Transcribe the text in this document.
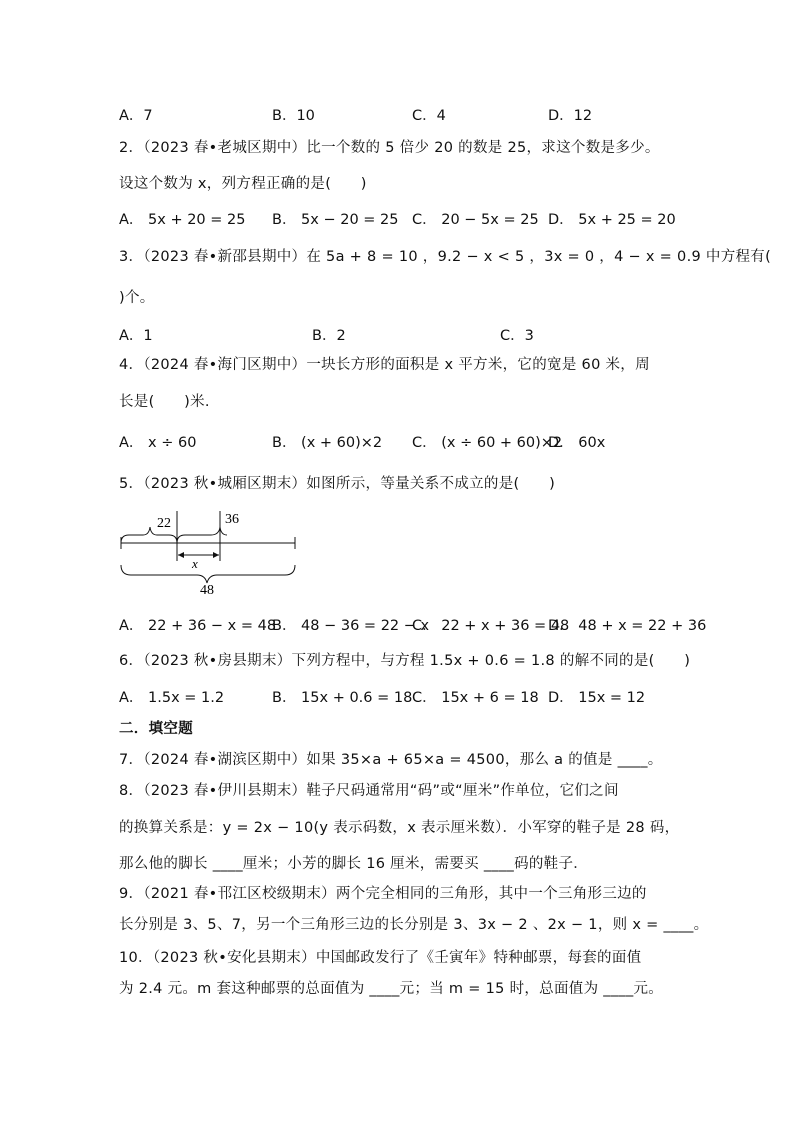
A．7	B．10	C．4	D．12
2．（2023 春•老城区期中）比一个数的 5 倍少 20 的数是 25，求这个数是多少。
设这个数为 x，列方程正确的是(　　)
A． 5x + 20 = 25 B． 5x − 20 = 25 C． 20 − 5x = 25 D． 5x + 25 = 20
3．（2023 春•新邵县期中）在 5a + 8 = 10 ，9.2 − x < 5 ，3x = 0 ，4 − x = 0.9 中方程有(
)个。
A．1	B．2	C．3
4．（2024 春•海门区期中）一块长方形的面积是 x 平方米，它的宽是 60 米，周
长是(　　)米.
A． x ÷ 60	B． (x + 60)×2 C． (x ÷ 60 + 60)×2
D． 60x
5．（2023 秋•城厢区期末）如图所示，等量关系不成立的是(　　)
22	36
x
48
A． 22 + 36 − x = 48
B． 48 − 36 = 22 − x
C． 22 + x + 36 = 48
D． 48 + x = 22 + 36
6．（2023 秋•房县期末）下列方程中，与方程 1.5x + 0.6 = 1.8 的解不同的是(　　)
A． 1.5x = 1.2	B． 15x + 0.6 = 18 C． 15x + 6 = 18 D． 15x = 12
二．填空题
7．（2024 春•湖滨区期中）如果 35×a + 65×a = 4500，那么 a 的值是 ____。
8．（2023 春•伊川县期末）鞋子尺码通常用“码”或“厘米”作单位，它们之间
的换算关系是：y = 2x − 10(y 表示码数，x 表示厘米数）．小军穿的鞋子是 28 码，
那么他的脚长 ____厘米；小芳的脚长 16 厘米，需要买 ____码的鞋子．
9．（2021 春•邗江区校级期末）两个完全相同的三角形，其中一个三角形三边的
长分别是 3、5、7，另一个三角形三边的长分别是 3、3x − 2 、2x − 1，则 x = ____。
10．（2023 秋•安化县期末）中国邮政发行了《壬寅年》特种邮票，每套的面值
为 2.4 元。m 套这种邮票的总面值为 ____元；当 m = 15 时，总面值为 ____元。
